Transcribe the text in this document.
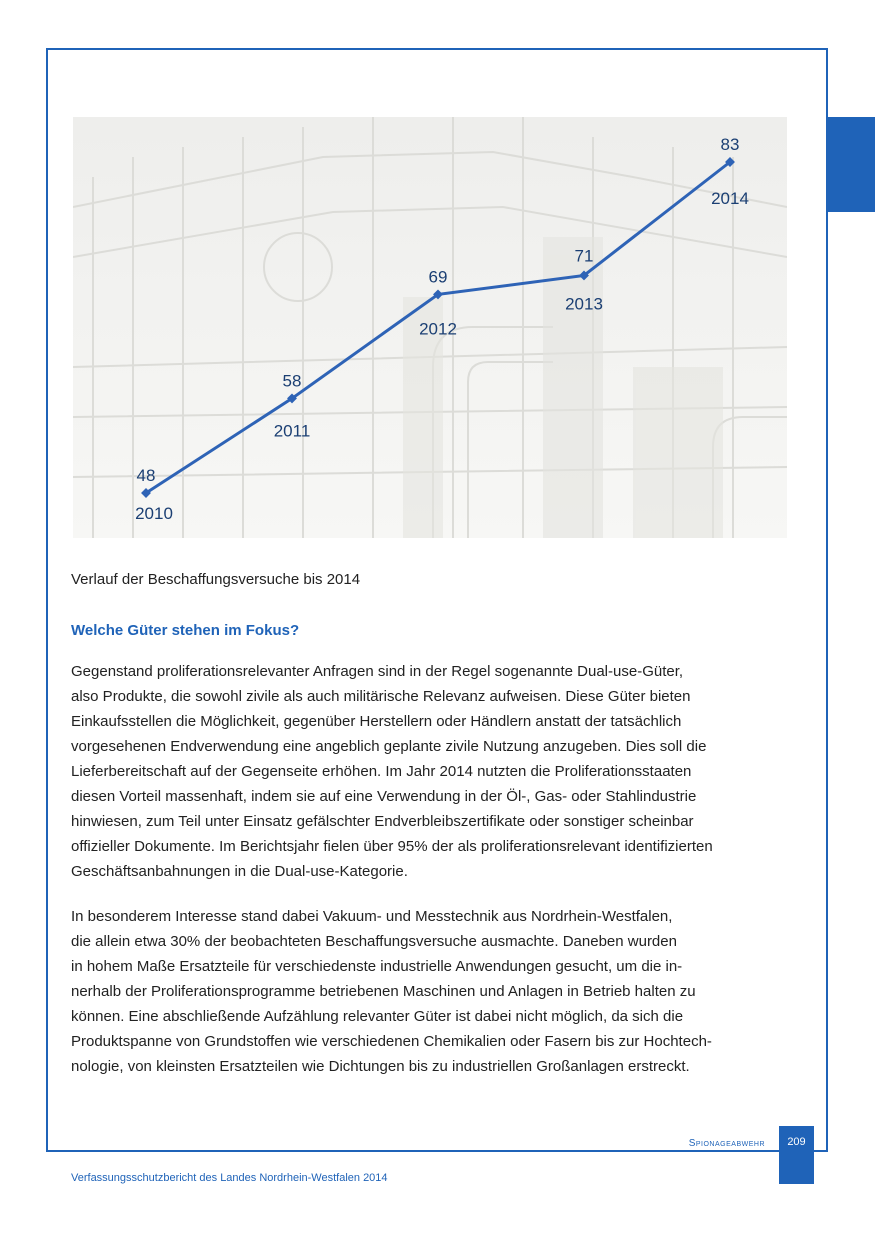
48
2010
58
2011
69
2012
71
2013
83
2014
Verlauf der Beschaffungsversuche bis 2014
Welche Güter stehen im Fokus?

Gegenstand proliferationsrelevanter Anfragen sind in der Regel sogenannte Dual-use-Güter,
also Produkte, die sowohl zivile als auch militärische Relevanz aufweisen. Diese Güter bieten
Einkaufsstellen die Möglichkeit, gegenüber Herstellern oder Händlern anstatt der tatsächlich
vorgesehenen Endverwendung eine angeblich geplante zivile Nutzung anzugeben. Dies soll die
Lieferbereitschaft auf der Gegenseite erhöhen. Im Jahr 2014 nutzten die Proliferationsstaaten
diesen Vorteil massenhaft, indem sie auf eine Verwendung in der Öl-, Gas- oder Stahlindustrie
hinwiesen, zum Teil unter Einsatz gefälschter Endverbleibszertifikate oder sonstiger scheinbar
offizieller Dokumente. Im Berichtsjahr fielen über 95% der als proliferationsrelevant identifizierten
Geschäftsanbahnungen in die Dual-use-Kategorie.

In besonderem Interesse stand dabei Vakuum- und Messtechnik aus Nordrhein-Westfalen,
die allein etwa 30% der beobachteten Beschaffungsversuche ausmachte. Daneben wurden
in hohem Maße Ersatzteile für verschiedenste industrielle Anwendungen gesucht, um die in-
nerhalb der Proliferationsprogramme betriebenen Maschinen und Anlagen in Betrieb halten zu
können. Eine abschließende Aufzählung relevanter Güter ist dabei nicht möglich, da sich die
Produktspanne von Grundstoffen wie verschiedenen Chemikalien oder Fasern bis zur Hochtech-
nologie, von kleinsten Ersatzteilen wie Dichtungen bis zu industriellen Großanlagen erstreckt.

Spionageabwehr	209
Verfassungsschutzbericht des Landes Nordrhein-Westfalen 2014
